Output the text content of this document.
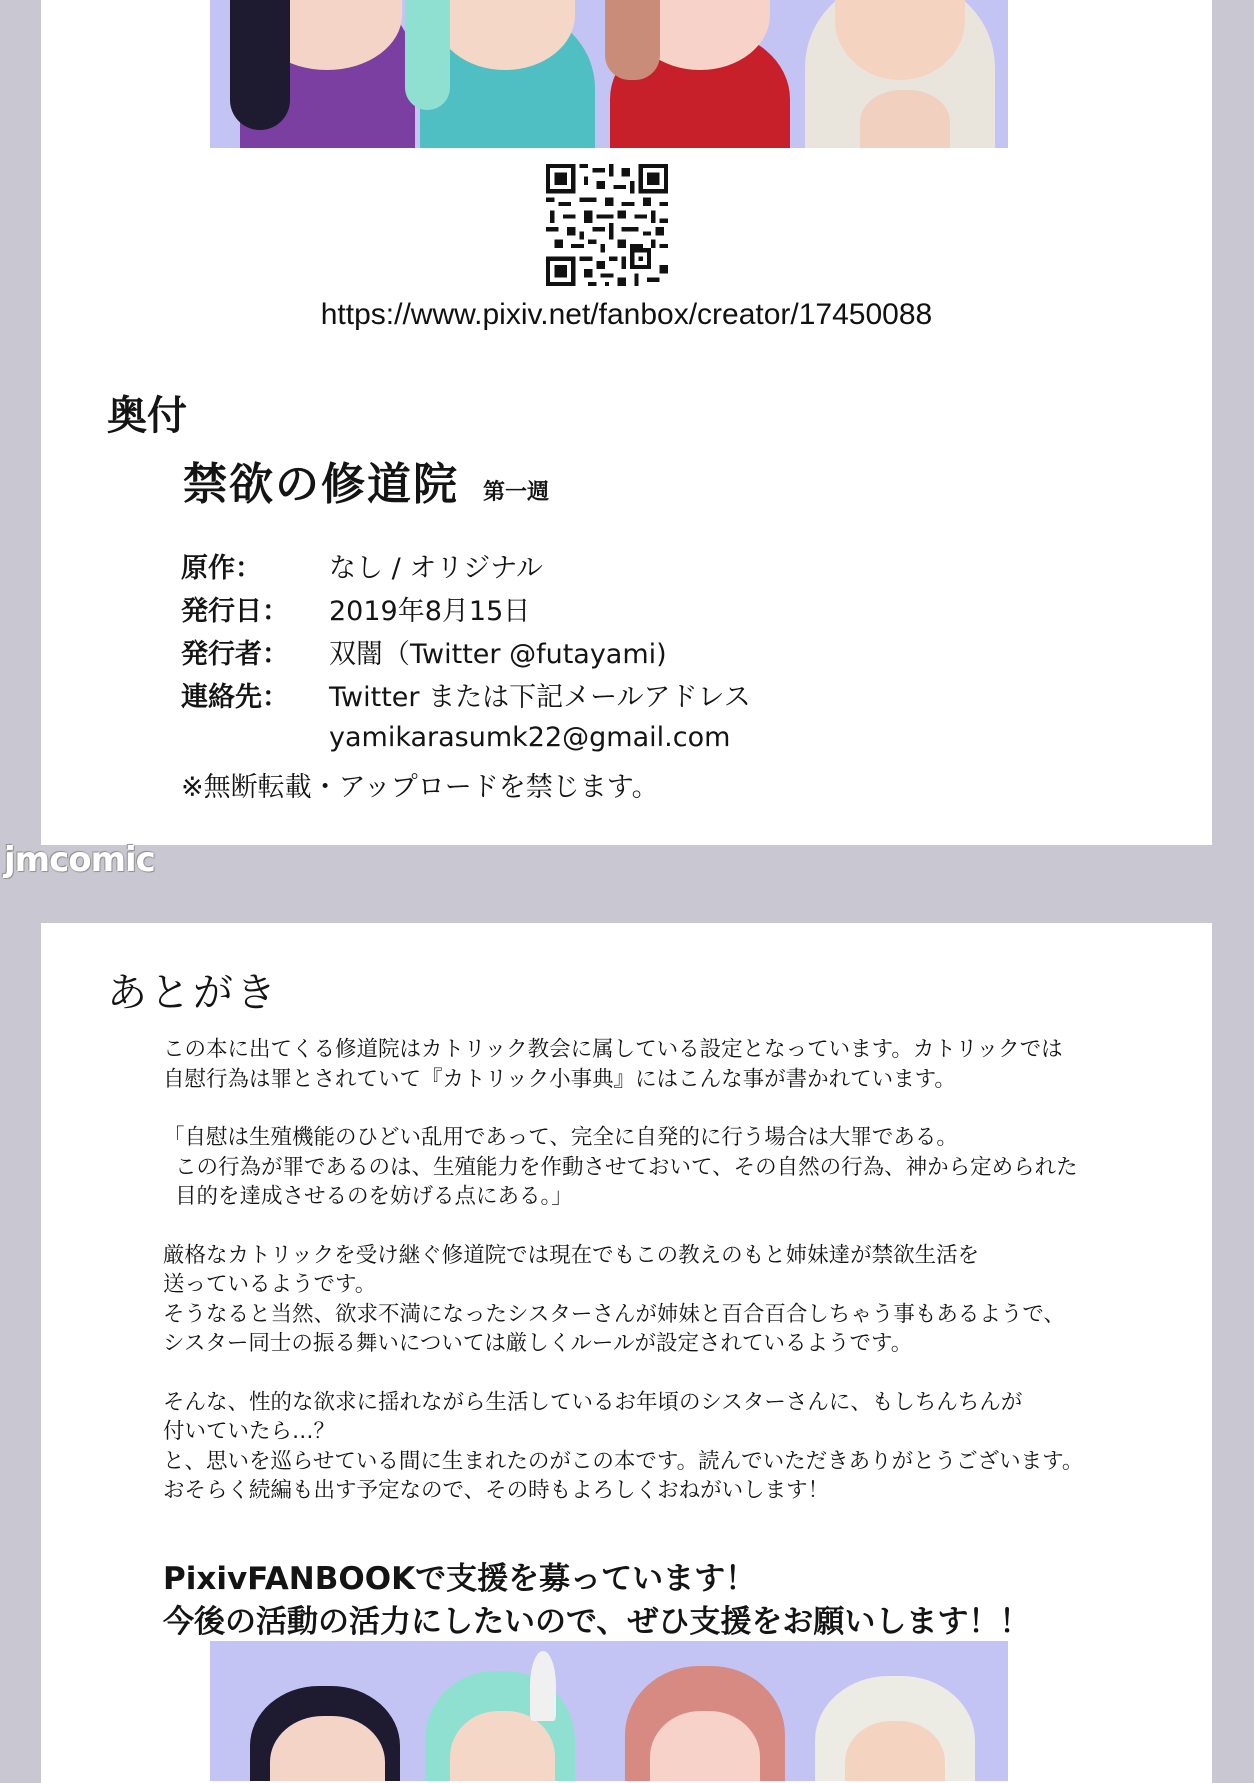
https://www.pixiv.net/fanbox/creator/17450088
奥付
禁欲の修道院 第一週
原作：	なし / オリジナル
発行日：	2019年8月15日
発行者：	双闇（Twitter @futayami)
連絡先：	Twitter または下記メールアドレス
yamikarasumk22@gmail.com
※無断転載・アップロードを禁じます。
jmcomic
あとがき

この本に出てくる修道院はカトリック教会に属している設定となっています。カトリックでは
自慰行為は罪とされていて『カトリック小事典』にはこんな事が書かれています。

「自慰は生殖機能のひどい乱用であって、完全に自発的に行う場合は大罪である。
この行為が罪であるのは、生殖能力を作動させておいて、その自然の行為、神から定められた
目的を達成させるのを妨げる点にある。」

厳格なカトリックを受け継ぐ修道院では現在でもこの教えのもと姉妹達が禁欲生活を
送っているようです。
そうなると当然、欲求不満になったシスターさんが姉妹と百合百合しちゃう事もあるようで、
シスター同士の振る舞いについては厳しくルールが設定されているようです。

そんな、性的な欲求に揺れながら生活しているお年頃のシスターさんに、もしちんちんが
付いていたら…？
と、思いを巡らせている間に生まれたのがこの本です。読んでいただきありがとうございます。
おそらく続編も出す予定なので、その時もよろしくおねがいします！

PixivFANBOOKで支援を募っています！
今後の活動の活力にしたいので、ぜひ支援をお願いします！！
